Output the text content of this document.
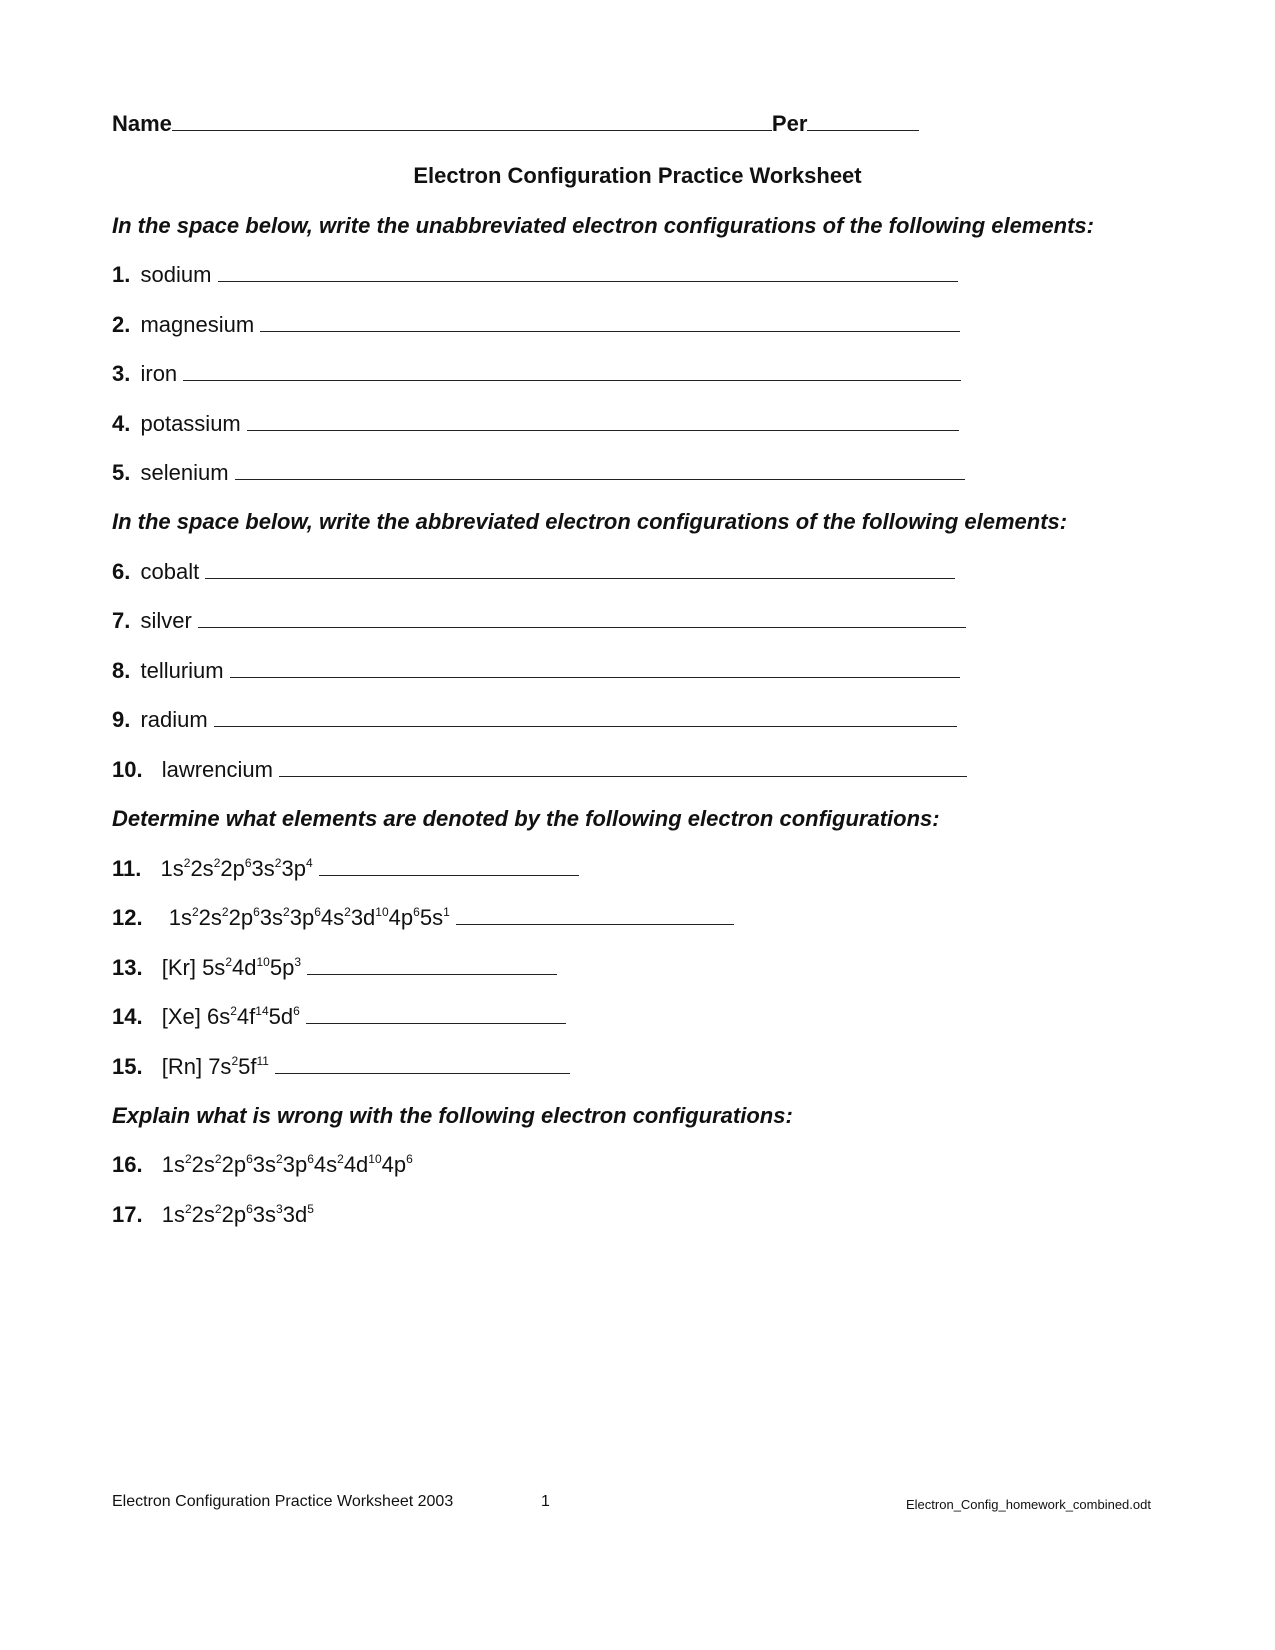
Name	Per
Electron Configuration Practice Worksheet
In the space below, write the unabbreviated electron configurations of the following elements:
1. sodium
2. magnesium
3. iron
4. potassium
5. selenium
In the space below, write the abbreviated electron configurations of the following elements:
6. cobalt
7. silver
8. tellurium
9. radium
10. lawrencium
Determine what elements are denoted by the following electron configurations:
11. $1s^22s^22p^63s^23p^4$
12. $1s^22s^22p^63s^23p^64s^23d^{10}4p^65s^1$
13. [Kr] $5s^24d^{10}5p^3$
14. [Xe] $6s^24f^{14}5d^6$
15. [Rn] $7s^25f^{11}$
Explain what is wrong with the following electron configurations:
16. $1s^22s^22p^63s^23p^64s^24d^{10}4p^6$
17. $1s^22s^22p^63s^33d^5$
Electron Configuration Practice Worksheet 2003	1	Electron_Config_homework_combined.odt
